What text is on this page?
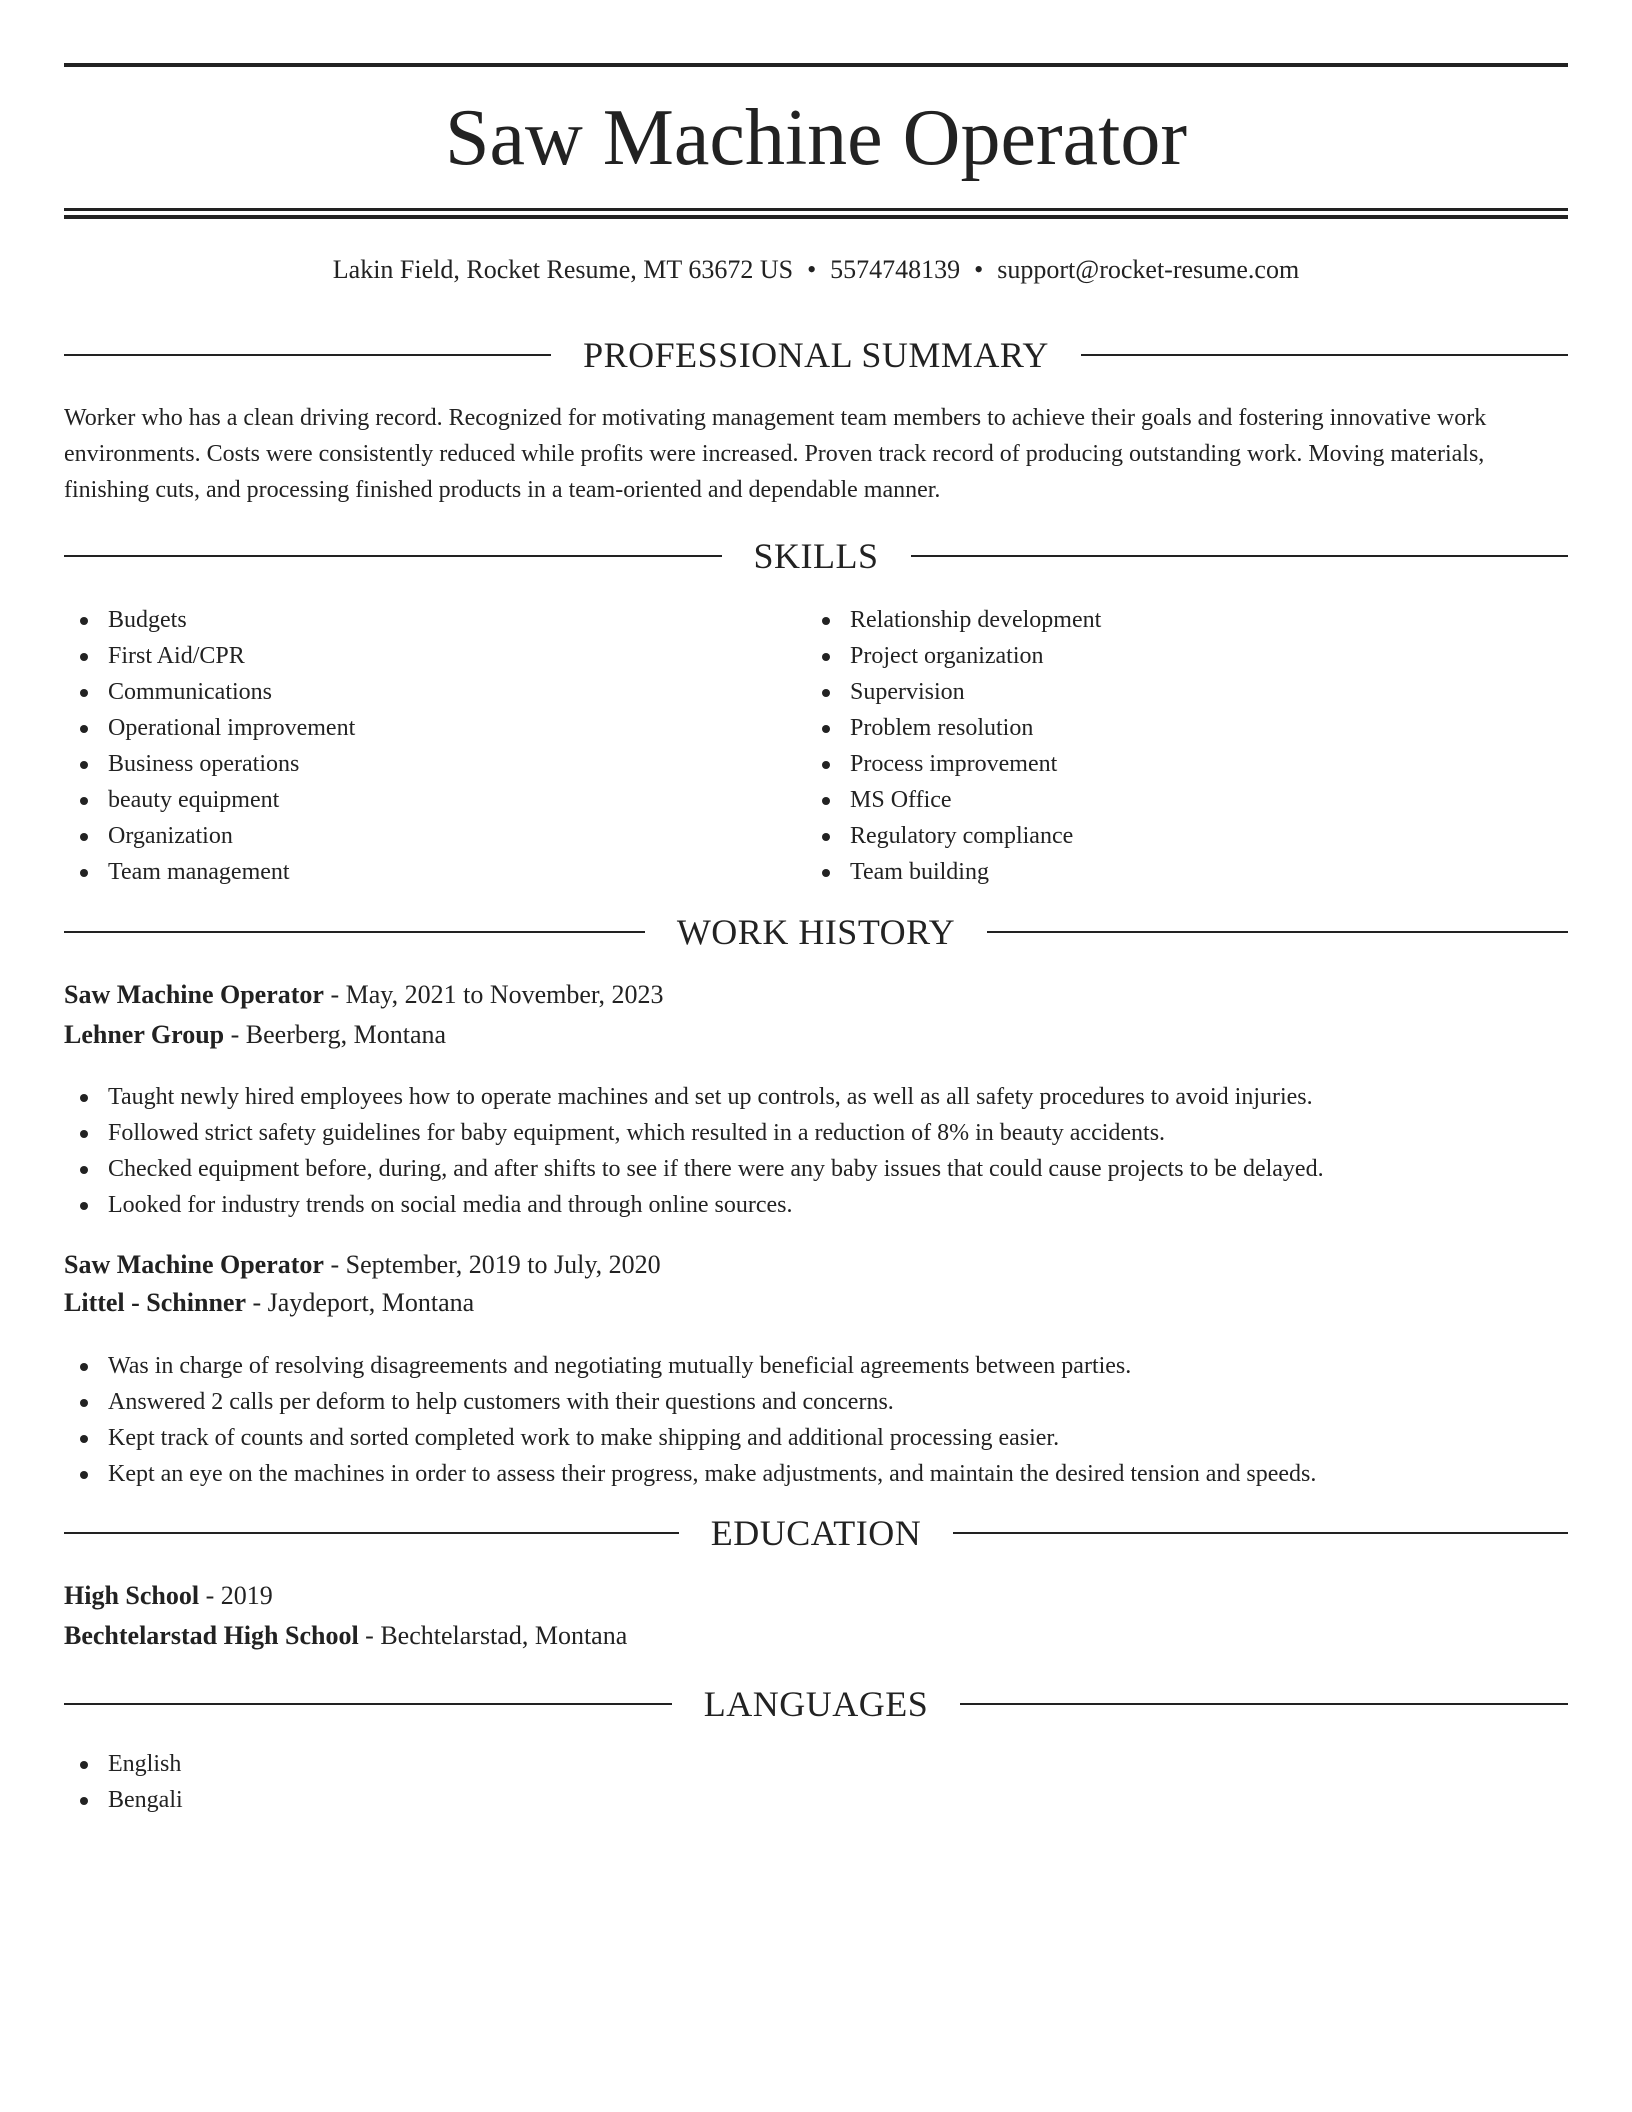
Saw Machine Operator
Lakin Field, Rocket Resume, MT 63672 US • 5574748139 • support@rocket-resume.com
PROFESSIONAL SUMMARY

Worker who has a clean driving record. Recognized for motivating management team members to achieve their goals and fostering innovative work environments. Costs were consistently reduced while profits were increased. Proven track record of producing outstanding work. Moving materials, finishing cuts, and processing finished products in a team-oriented and dependable manner.

SKILLS
Budgets
First Aid/CPR
Communications
Operational improvement
Business operations
beauty equipment
Organization
Team management
Relationship development
Project organization
Supervision
Problem resolution
Process improvement
MS Office
Regulatory compliance
Team building
WORK HISTORY
Saw Machine Operator - May, 2021 to November, 2023
Lehner Group - Beerberg, Montana
Taught newly hired employees how to operate machines and set up controls, as well as all safety procedures to avoid injuries.
Followed strict safety guidelines for baby equipment, which resulted in a reduction of 8% in beauty accidents.
Checked equipment before, during, and after shifts to see if there were any baby issues that could cause projects to be delayed.
Looked for industry trends on social media and through online sources.
Saw Machine Operator - September, 2019 to July, 2020
Littel - Schinner - Jaydeport, Montana
Was in charge of resolving disagreements and negotiating mutually beneficial agreements between parties.
Answered 2 calls per deform to help customers with their questions and concerns.
Kept track of counts and sorted completed work to make shipping and additional processing easier.
Kept an eye on the machines in order to assess their progress, make adjustments, and maintain the desired tension and speeds.
EDUCATION
High School - 2019
Bechtelarstad High School - Bechtelarstad, Montana
LANGUAGES
English
Bengali
